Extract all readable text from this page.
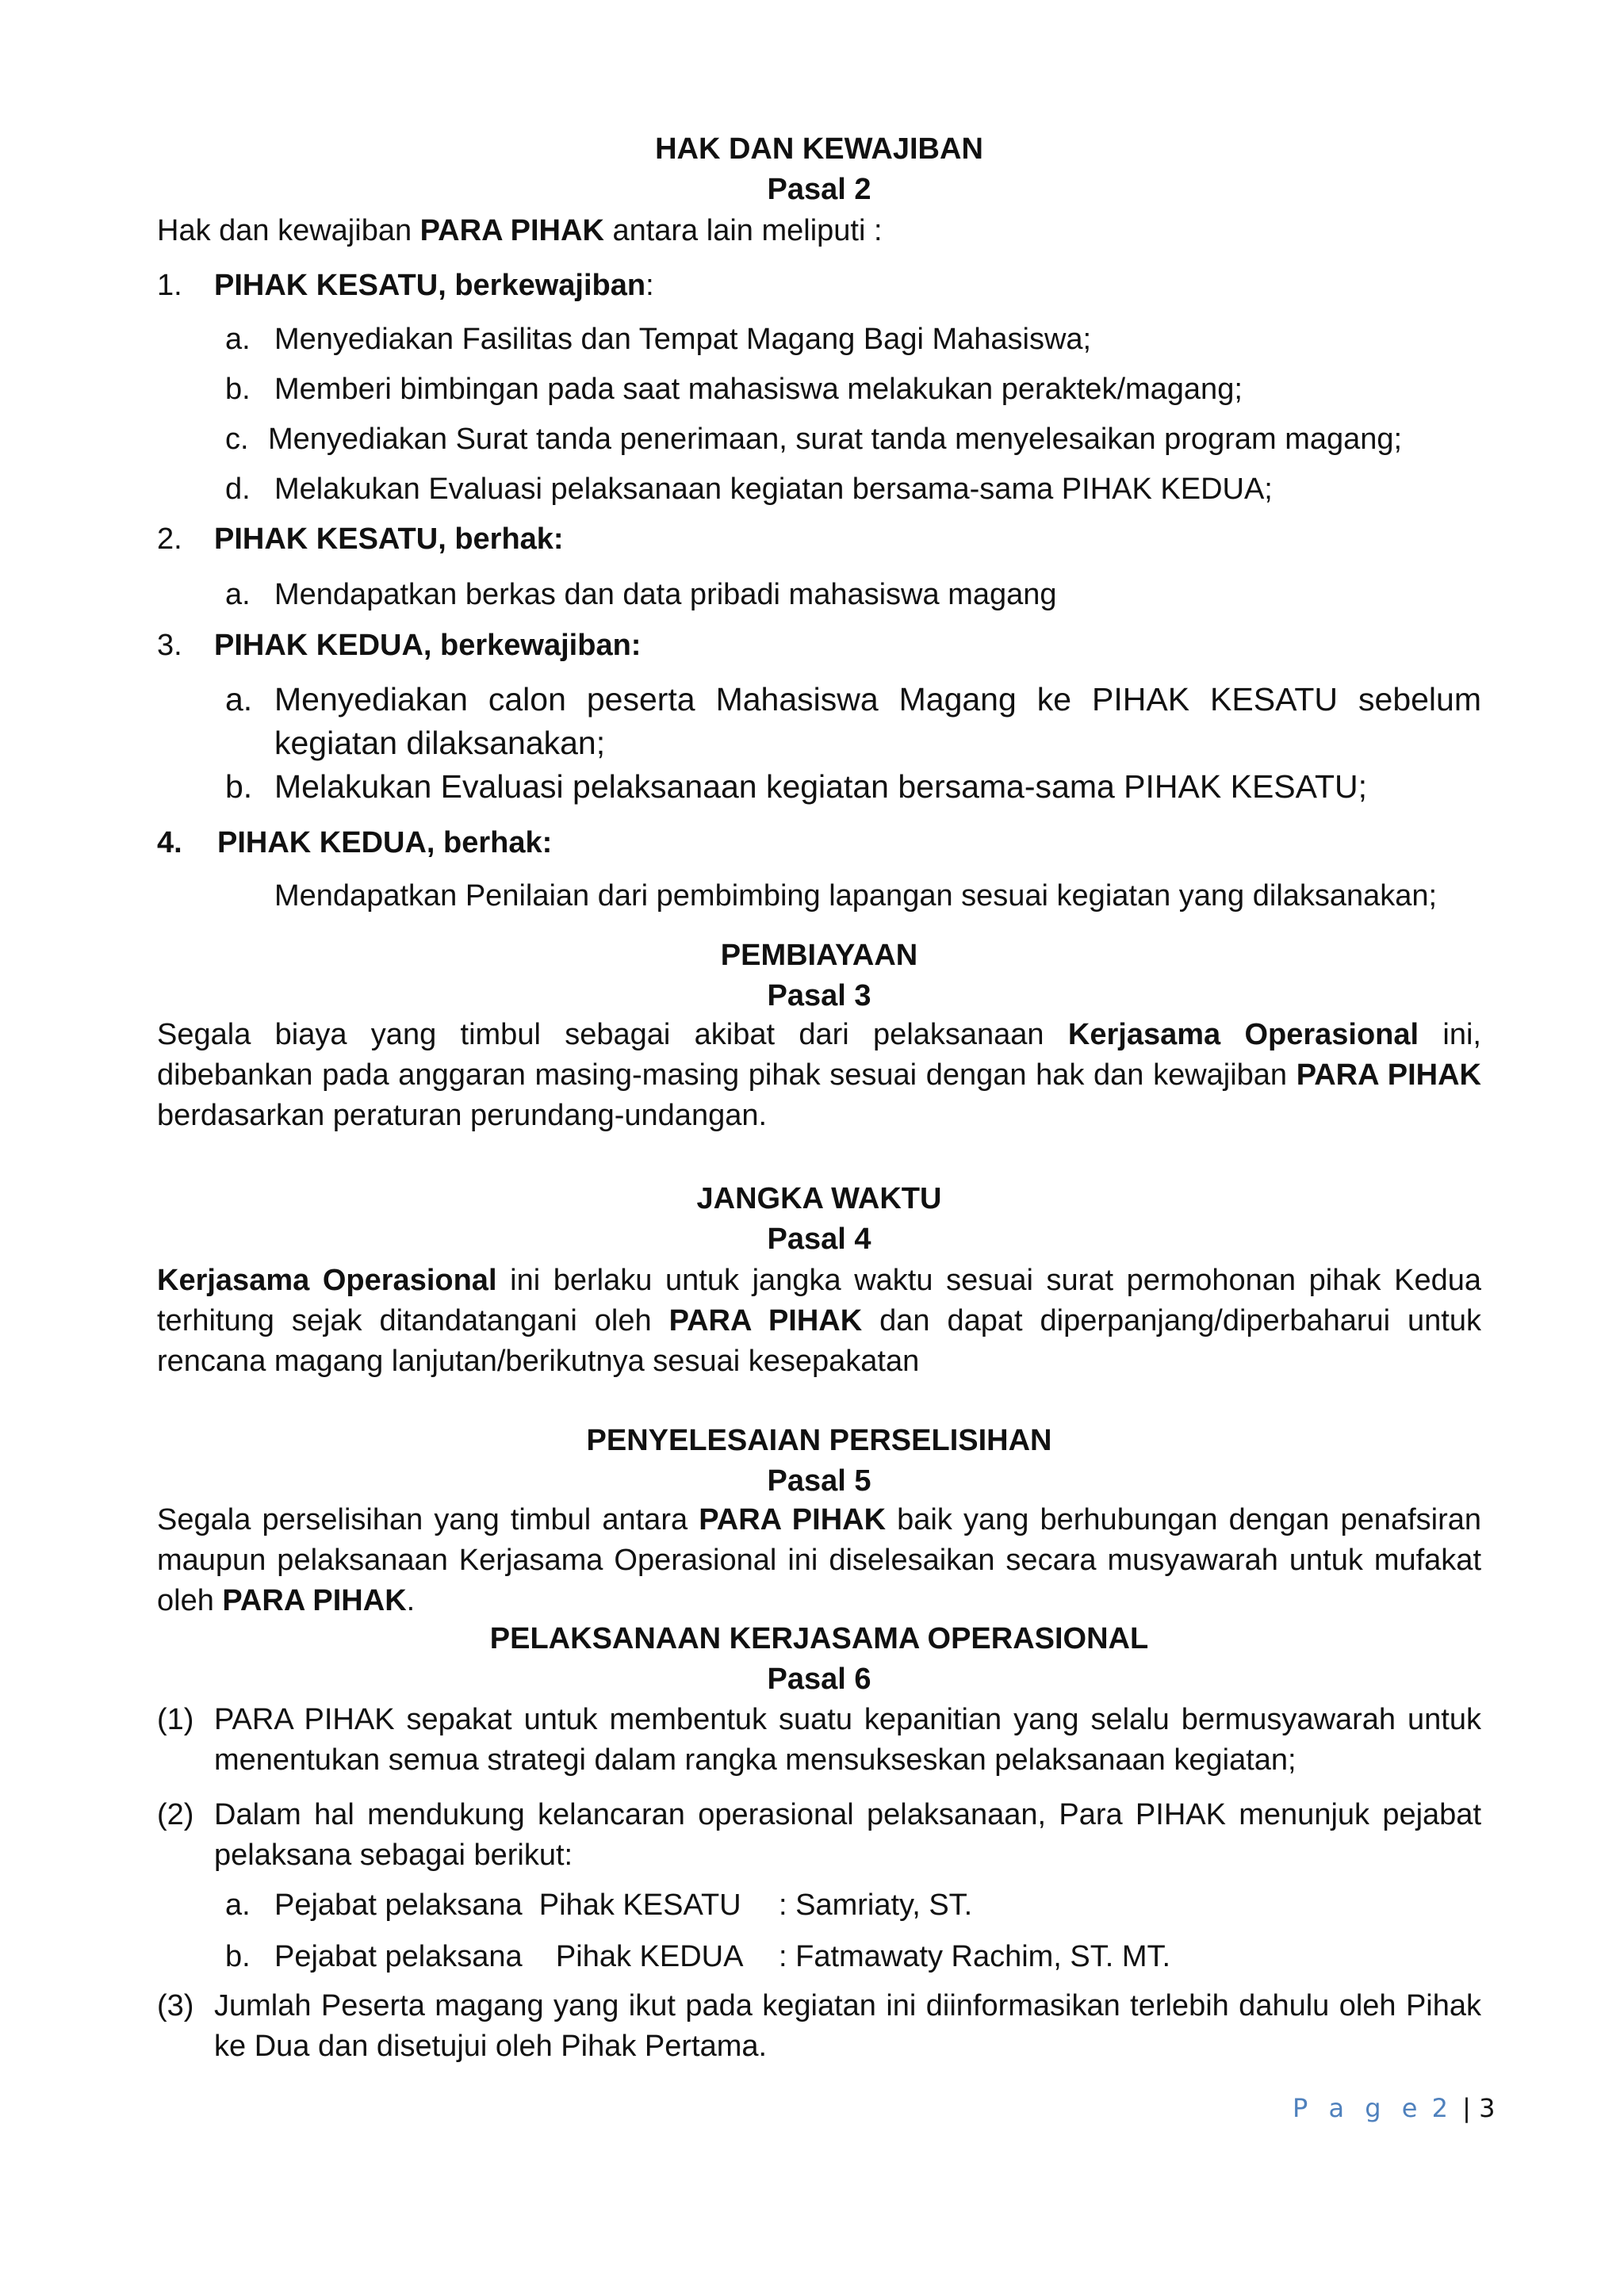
HAK DAN KEWAJIBAN
Pasal 2
Hak dan kewajiban PARA PIHAK antara lain meliputi :
1. PIHAK KESATU, berkewajiban:
a. Menyediakan Fasilitas dan Tempat Magang Bagi Mahasiswa;
b. Memberi bimbingan pada saat mahasiswa melakukan peraktek/magang;
c. Menyediakan Surat tanda penerimaan, surat tanda menyelesaikan program magang;
d. Melakukan Evaluasi pelaksanaan kegiatan bersama-sama PIHAK KEDUA;
2. PIHAK KESATU, berhak:
a. Mendapatkan berkas dan data pribadi mahasiswa magang
3. PIHAK KEDUA, berkewajiban:
a. Menyediakan calon peserta Mahasiswa Magang ke PIHAK KESATU sebelum kegiatan dilaksanakan;
b. Melakukan Evaluasi pelaksanaan kegiatan bersama-sama PIHAK KESATU;
4. PIHAK KEDUA, berhak:
Mendapatkan Penilaian dari pembimbing lapangan sesuai kegiatan yang dilaksanakan;
PEMBIAYAAN
Pasal 3
Segala biaya yang timbul sebagai akibat dari pelaksanaan Kerjasama Operasional ini, dibebankan pada anggaran masing-masing pihak sesuai dengan hak dan kewajiban PARA PIHAK berdasarkan peraturan perundang-undangan.
JANGKA WAKTU
Pasal 4
Kerjasama Operasional ini berlaku untuk jangka waktu sesuai surat permohonan pihak Kedua terhitung sejak ditandatangani oleh PARA PIHAK dan dapat diperpanjang/diperbaharui untuk rencana magang lanjutan/berikutnya sesuai kesepakatan
PENYELESAIAN PERSELISIHAN
Pasal 5
Segala perselisihan yang timbul antara PARA PIHAK baik yang berhubungan dengan penafsiran maupun pelaksanaan Kerjasama Operasional ini diselesaikan secara musyawarah untuk mufakat oleh PARA PIHAK.
PELAKSANAAN KERJASAMA OPERASIONAL
Pasal 6
(1) PARA PIHAK sepakat untuk membentuk suatu kepanitian yang selalu bermusyawarah untuk menentukan semua strategi dalam rangka mensukseskan pelaksanaan kegiatan;
(2) Dalam hal mendukung kelancaran operasional pelaksanaan, Para PIHAK menunjuk pejabat pelaksana sebagai berikut:
a. Pejabat pelaksana  Pihak KESATU : Samriaty, ST.
b. Pejabat pelaksana    Pihak KEDUA : Fatmawaty Rachim, ST. MT.
(3) Jumlah Peserta magang yang ikut pada kegiatan ini diinformasikan terlebih dahulu oleh Pihak ke Dua dan disetujui oleh Pihak Pertama.
P a g e 2 | 3
